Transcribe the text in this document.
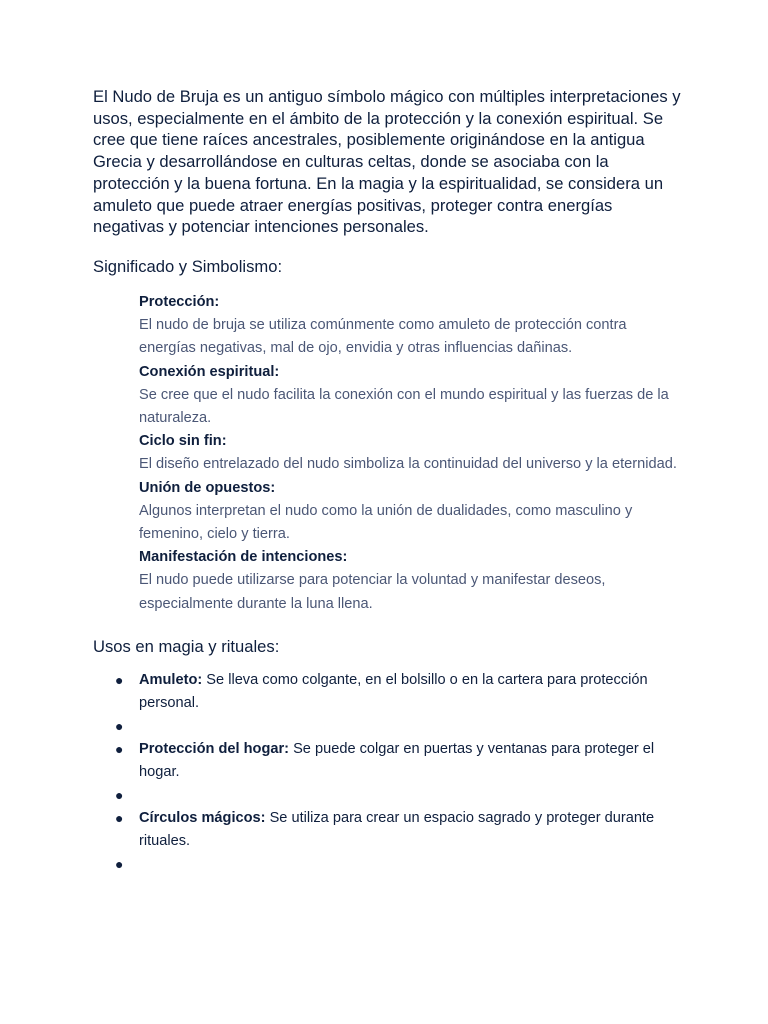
El Nudo de Bruja es un antiguo símbolo mágico con múltiples interpretaciones y usos, especialmente en el ámbito de la protección y la conexión espiritual. Se cree que tiene raíces ancestrales, posiblemente originándose en la antigua Grecia y desarrollándose en culturas celtas, donde se asociaba con la protección y la buena fortuna. En la magia y la espiritualidad, se considera un amuleto que puede atraer energías positivas, proteger contra energías negativas y potenciar intenciones personales.

Significado y Simbolismo:
Protección:
El nudo de bruja se utiliza comúnmente como amuleto de protección contra energías negativas, mal de ojo, envidia y otras influencias dañinas.
Conexión espiritual:
Se cree que el nudo facilita la conexión con el mundo espiritual y las fuerzas de la naturaleza.
Ciclo sin fin:
El diseño entrelazado del nudo simboliza la continuidad del universo y la eternidad.
Unión de opuestos:
Algunos interpretan el nudo como la unión de dualidades, como masculino y femenino, cielo y tierra.
Manifestación de intenciones:
El nudo puede utilizarse para potenciar la voluntad y manifestar deseos, especialmente durante la luna llena.
Usos en magia y rituales:
● Amuleto: Se lleva como colgante, en el bolsillo o en la cartera para protección personal.
●
● Protección del hogar: Se puede colgar en puertas y ventanas para proteger el hogar.
●
● Círculos mágicos: Se utiliza para crear un espacio sagrado y proteger durante rituales.
●
